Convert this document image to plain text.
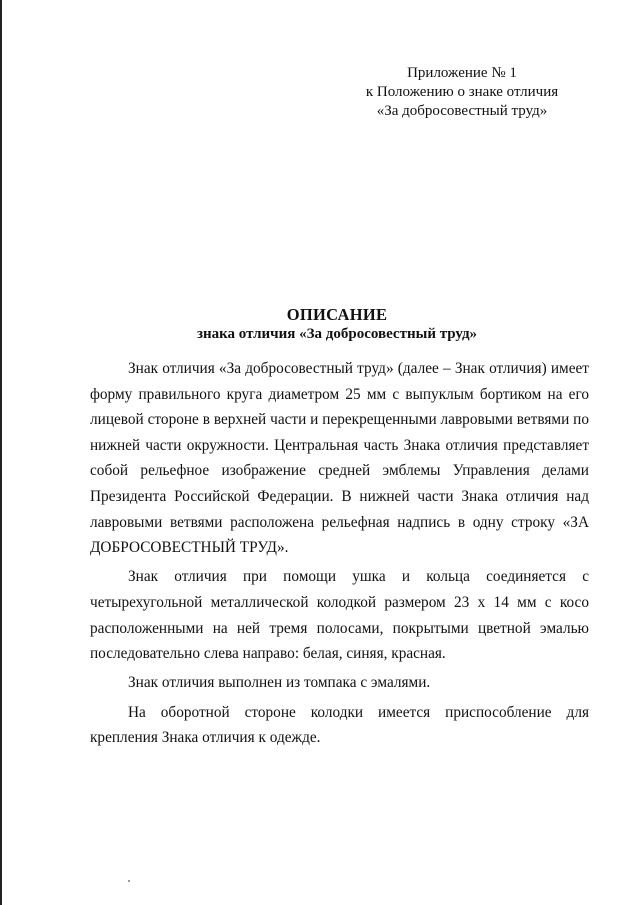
Приложение № 1
к Положению о знаке отличия
«За добросовестный труд»
ОПИСАНИЕ
знака отличия «За добросовестный труд»

Знак отличия «За добросовестный труд» (далее – Знак отличия) имеет форму правильного круга диаметром 25 мм с выпуклым бортиком на его лицевой стороне в верхней части и перекрещенными лавровыми ветвями по нижней части окружности. Центральная часть Знака отличия представляет собой рельефное изображение средней эмблемы Управления делами Президента Российской Федерации. В нижней части Знака отличия над лавровыми ветвями расположена рельефная надпись в одну строку «ЗА ДОБРОСОВЕСТНЫЙ ТРУД».

Знак отличия при помощи ушка и кольца соединяется с четырехугольной металлической колодкой размером 23 х 14 мм с косо расположенными на ней тремя полосами, покрытыми цветной эмалью последовательно слева направо: белая, синяя, красная.

Знак отличия выполнен из томпака с эмалями.

На оборотной стороне колодки имеется приспособление для крепления Знака отличия к одежде.
